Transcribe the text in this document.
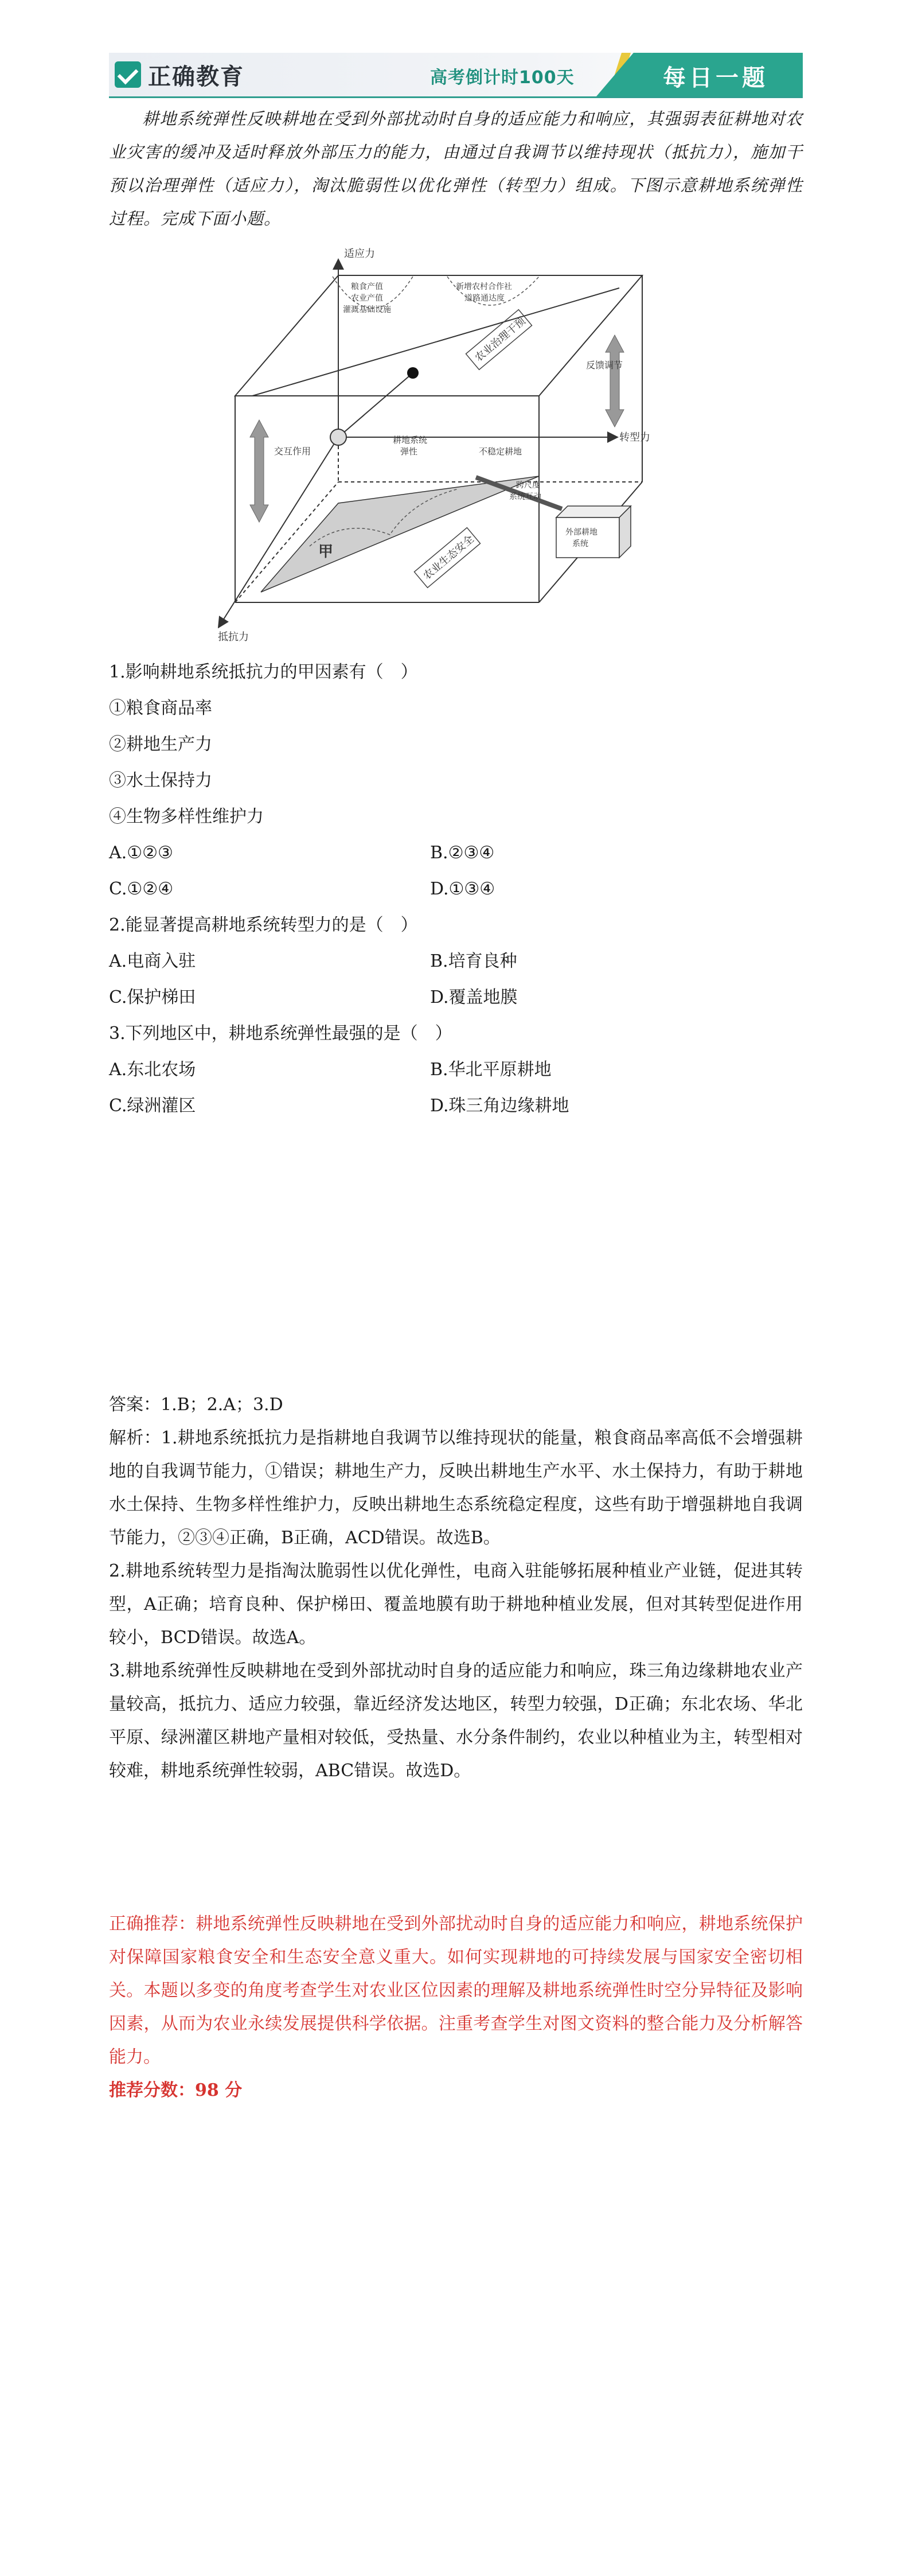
正确教育	高考倒计时100天	每日一题
耕地系统弹性反映耕地在受到外部扰动时自身的适应能力和响应，其强弱表征耕地对农业灾害的缓冲及适时释放外部压力的能力，由通过自我调节以维持现状（抵抗力），施加干预以治理弹性（适应力），淘汰脆弱性以优化弹性（转型力）组成。下图示意耕地系统弹性过程。完成下面小题。
适应力
抵抗力
转型力
粮食产值
农业产值
灌溉基础设施
新增农村合作社
道路通达度
甲
耕地系统
弹性	不稳定耕地
交互作用
反馈调节
外部耕地
系统
跨尺度
系统互动
农业治理干预
农业生态安全
1.影响耕地系统抵抗力的甲因素有（　）
①粮食商品率
②耕地生产力
③水土保持力
④生物多样性维护力
A.①②③	B.②③④
C.①②④	D.①③④
2.能显著提高耕地系统转型力的是（　）
A.电商入驻	B.培育良种
C.保护梯田	D.覆盖地膜
3.下列地区中，耕地系统弹性最强的是（　）
A.东北农场	B.华北平原耕地
C.绿洲灌区	D.珠三角边缘耕地

答案：1.B；2.A；3.D

解析：1.耕地系统抵抗力是指耕地自我调节以维持现状的能量，粮食商品率高低不会增强耕地的自我调节能力，①错误；耕地生产力，反映出耕地生产水平、水土保持力，有助于耕地水土保持、生物多样性维护力，反映出耕地生态系统稳定程度，这些有助于增强耕地自我调节能力，②③④正确，B正确，ACD错误。故选B。

2.耕地系统转型力是指淘汰脆弱性以优化弹性，电商入驻能够拓展种植业产业链，促进其转型，A正确；培育良种、保护梯田、覆盖地膜有助于耕地种植业发展，但对其转型促进作用较小，BCD错误。故选A。

3.耕地系统弹性反映耕地在受到外部扰动时自身的适应能力和响应，珠三角边缘耕地农业产量较高，抵抗力、适应力较强，靠近经济发达地区，转型力较强，D正确；东北农场、华北平原、绿洲灌区耕地产量相对较低，受热量、水分条件制约，农业以种植业为主，转型相对较难，耕地系统弹性较弱，ABC错误。故选D。

正确推荐：耕地系统弹性反映耕地在受到外部扰动时自身的适应能力和响应，耕地系统保护对保障国家粮食安全和生态安全意义重大。如何实现耕地的可持续发展与国家安全密切相关。本题以多变的角度考查学生对农业区位因素的理解及耕地系统弹性时空分异特征及影响因素，从而为农业永续发展提供科学依据。注重考查学生对图文资料的整合能力及分析解答能力。

推荐分数：98 分
